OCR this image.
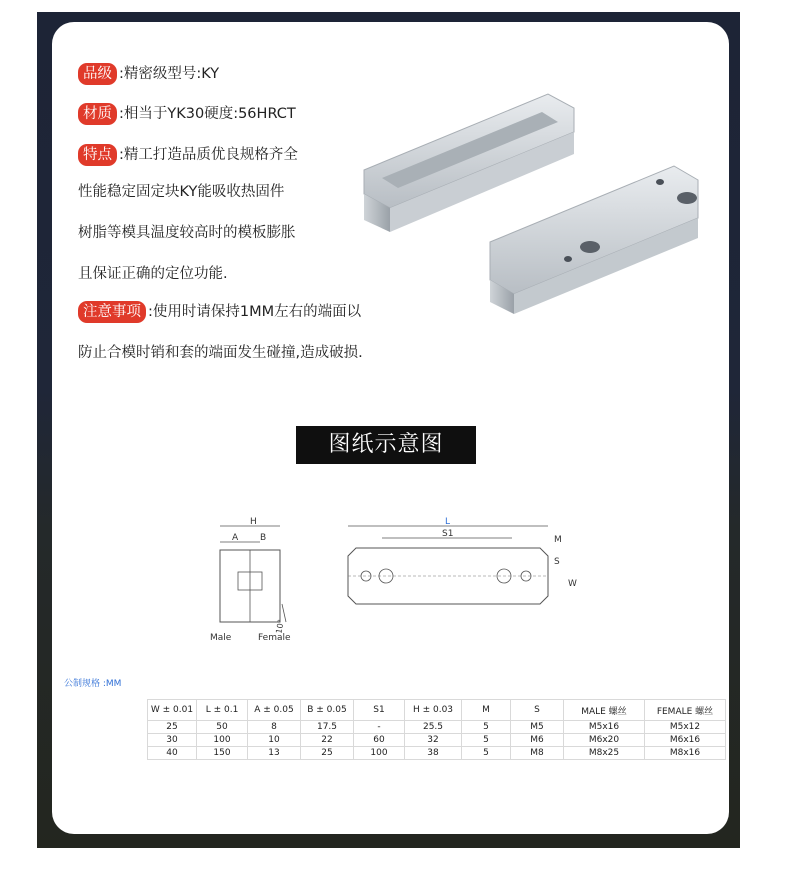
品级 :精密级型号:KY
材质 :相当于YK30硬度:56HRCT
特点 :精工打造品质优良规格齐全
性能稳定固定块KY能吸收热固件
树脂等模具温度较高时的模板膨胀
且保证正确的定位功能.
注意事项 :使用时请保持1MM左右的端面以
防止合模时销和套的端面发生碰撞,造成破损.
图纸示意图
H
A B
10°
Male	Female
L
S1
M
S
W
公制规格 :MM
W ± 0.01	L ± 0.1	A ± 0.05	B ± 0.05	S1	H ± 0.03	M	S	MALE 螺丝	FEMALE 螺丝
25	50	8	17.5	-	25.5	5	M5	M5x16	M5x12
30	100	10	22	60	32	5	M6	M6x20	M6x16
40	150	13	25	100	38	5	M8	M8x25	M8x16
